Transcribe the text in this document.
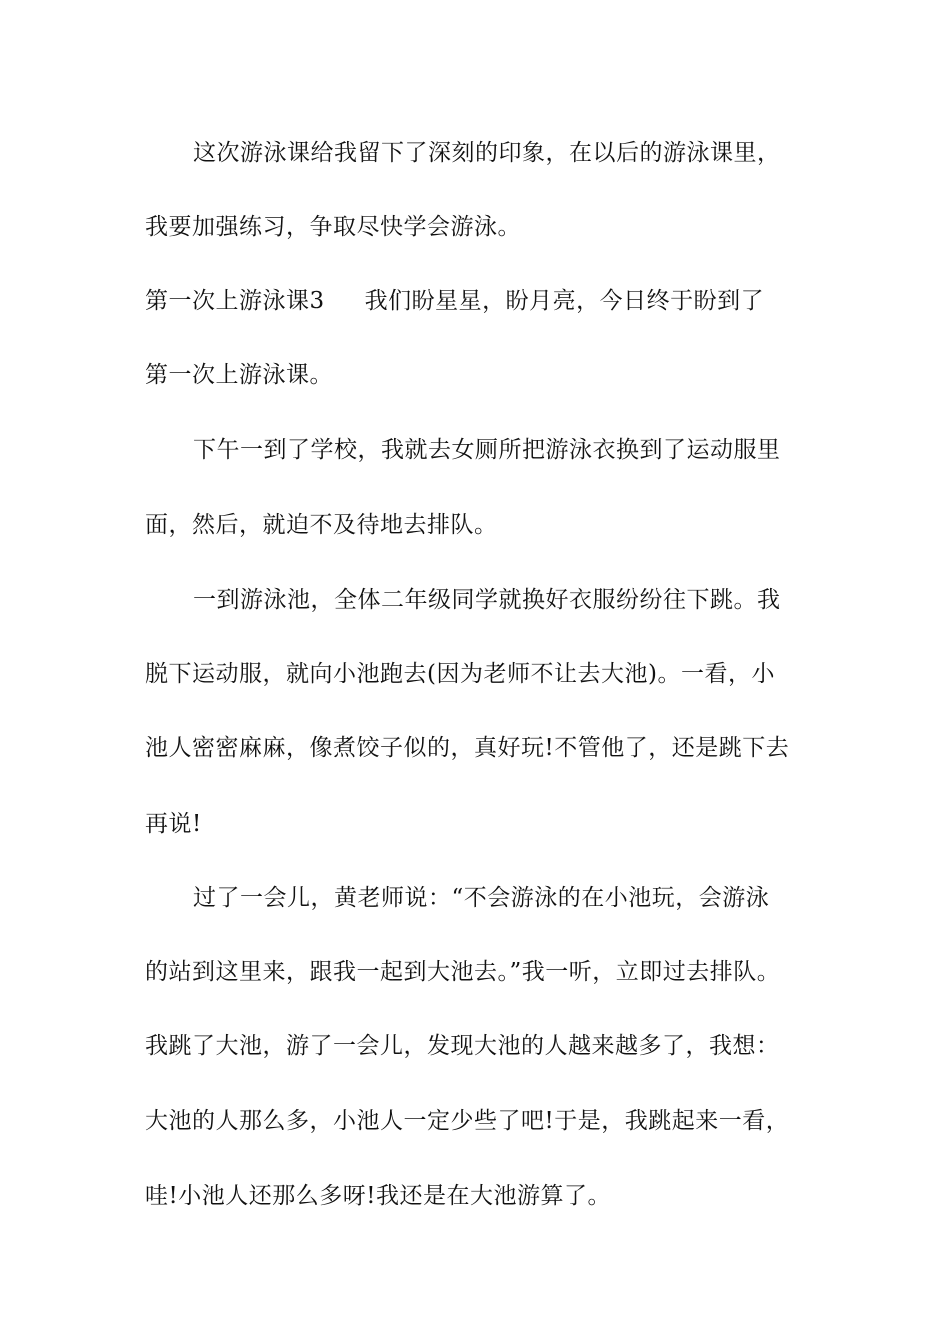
这次游泳课给我留下了深刻的印象，在以后的游泳课里，
我要加强练习，争取尽快学会游泳。
第一次上游泳课3 我们盼星星，盼月亮，今日终于盼到了
第一次上游泳课。
下午一到了学校，我就去女厕所把游泳衣换到了运动服里
面，然后，就迫不及待地去排队。
一到游泳池，全体二年级同学就换好衣服纷纷往下跳。我
脱下运动服，就向小池跑去(因为老师不让去大池)。一看，小
池人密密麻麻，像煮饺子似的，真好玩!不管他了，还是跳下去
再说!
过了一会儿，黄老师说：“不会游泳的在小池玩，会游泳
的站到这里来，跟我一起到大池去。”我一听，立即过去排队。
我跳了大池，游了一会儿，发现大池的人越来越多了，我想：
大池的人那么多，小池人一定少些了吧!于是，我跳起来一看，
哇!小池人还那么多呀!我还是在大池游算了。
